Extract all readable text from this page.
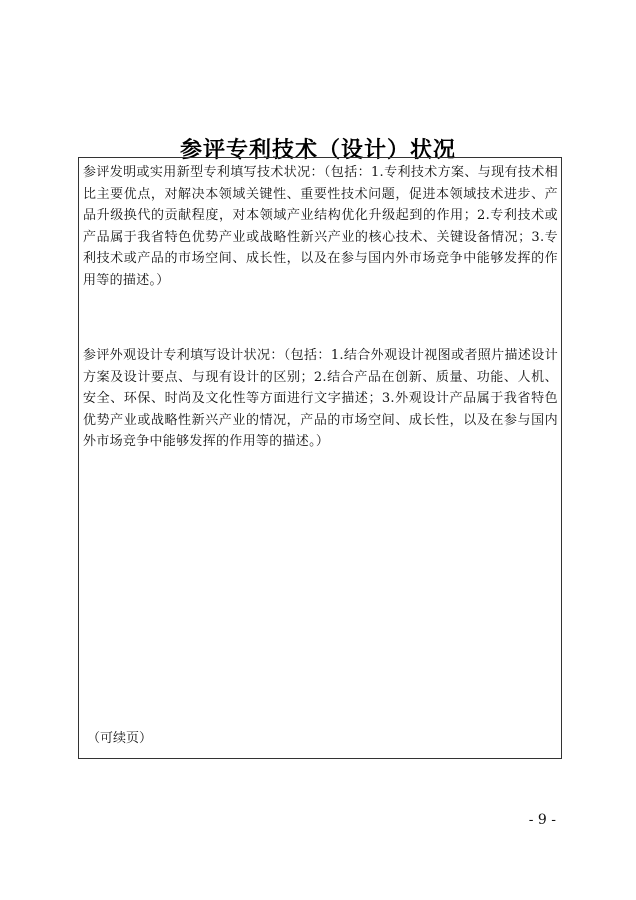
参评专利技术（设计）状况

参评发明或实用新型专利填写技术状况：（包括：1.专利技术方案、与现有技术相比主要优点，对解决本领域关键性、重要性技术问题，促进本领域技术进步、产品升级换代的贡献程度，对本领域产业结构优化升级起到的作用；2.专利技术或产品属于我省特色优势产业或战略性新兴产业的核心技术、关键设备情况；3.专利技术或产品的市场空间、成长性，以及在参与国内外市场竞争中能够发挥的作用等的描述。）

参评外观设计专利填写设计状况：（包括：1.结合外观设计视图或者照片描述设计方案及设计要点、与现有设计的区别；2.结合产品在创新、质量、功能、人机、安全、环保、时尚及文化性等方面进行文字描述；3.外观设计产品属于我省特色优势产业或战略性新兴产业的情况，产品的市场空间、成长性，以及在参与国内外市场竞争中能够发挥的作用等的描述。）

（可续页）

- 9 -
